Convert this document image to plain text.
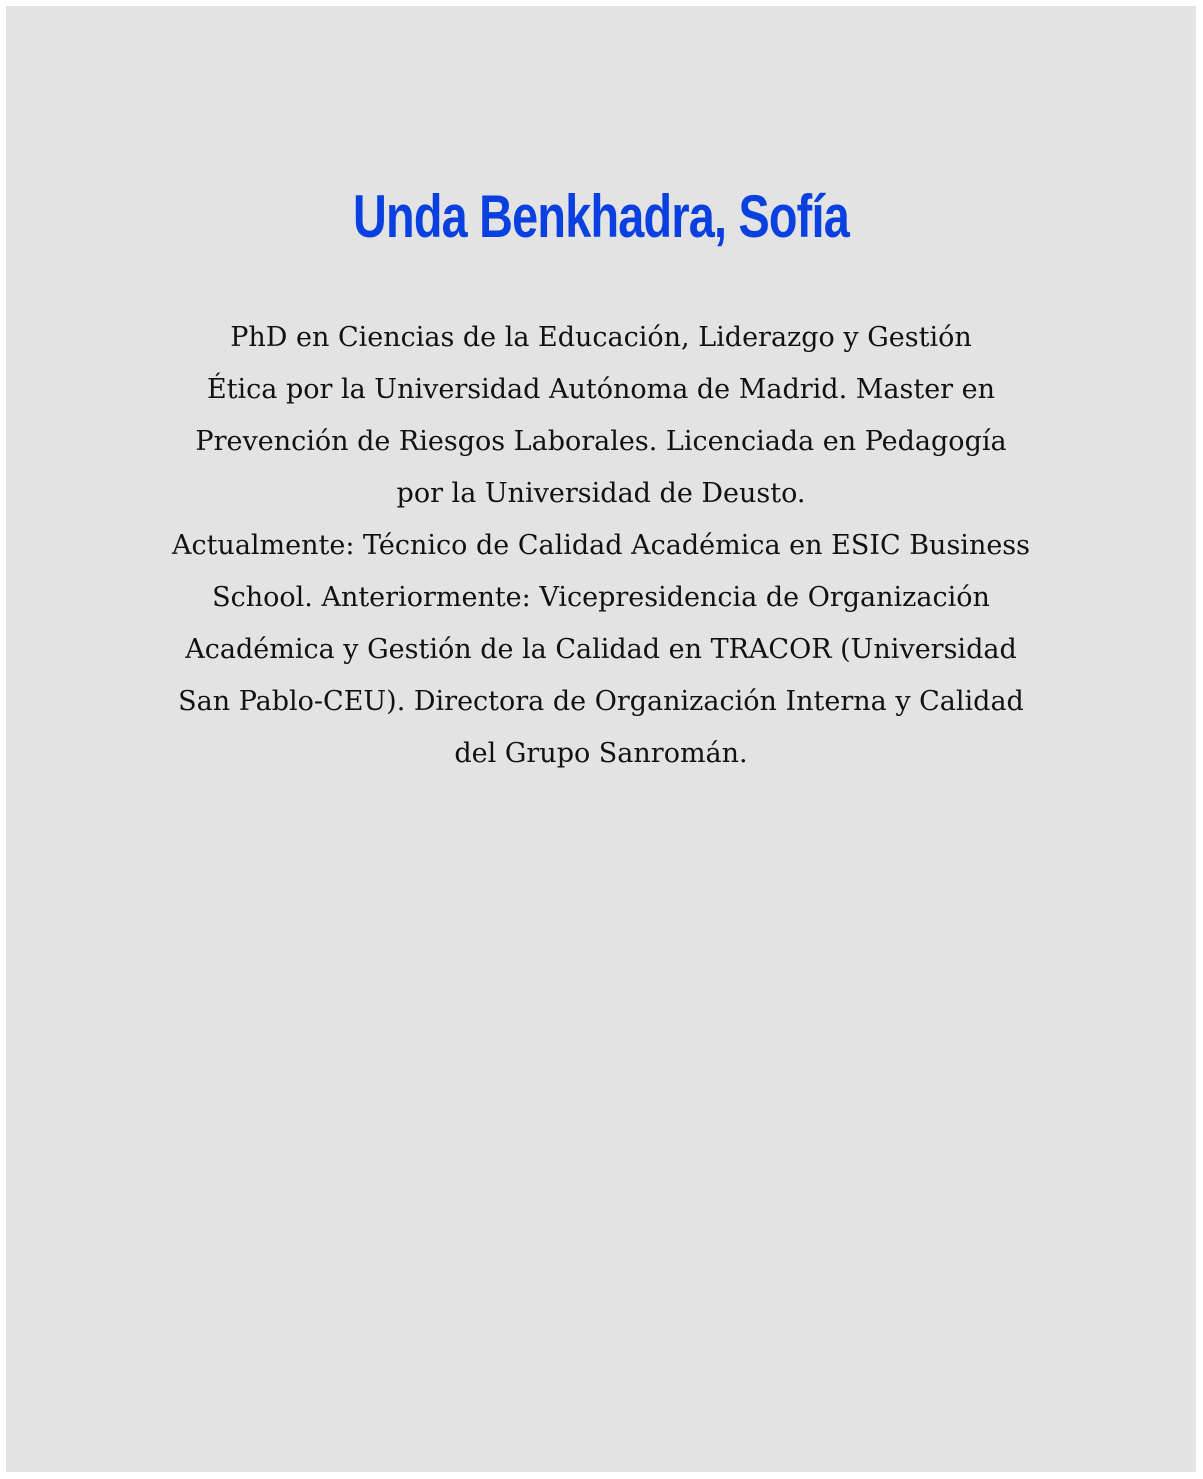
Unda Benkhadra, Sofía

PhD en Ciencias de la Educación, Liderazgo y Gestión
Ética por la Universidad Autónoma de Madrid. Master en
Prevención de Riesgos Laborales. Licenciada en Pedagogía
por la Universidad de Deusto.
Actualmente: Técnico de Calidad Académica en ESIC Business
School. Anteriormente: Vicepresidencia de Organización
Académica y Gestión de la Calidad en TRACOR (Universidad
San Pablo-CEU). Directora de Organización Interna y Calidad
del Grupo Sanromán.
